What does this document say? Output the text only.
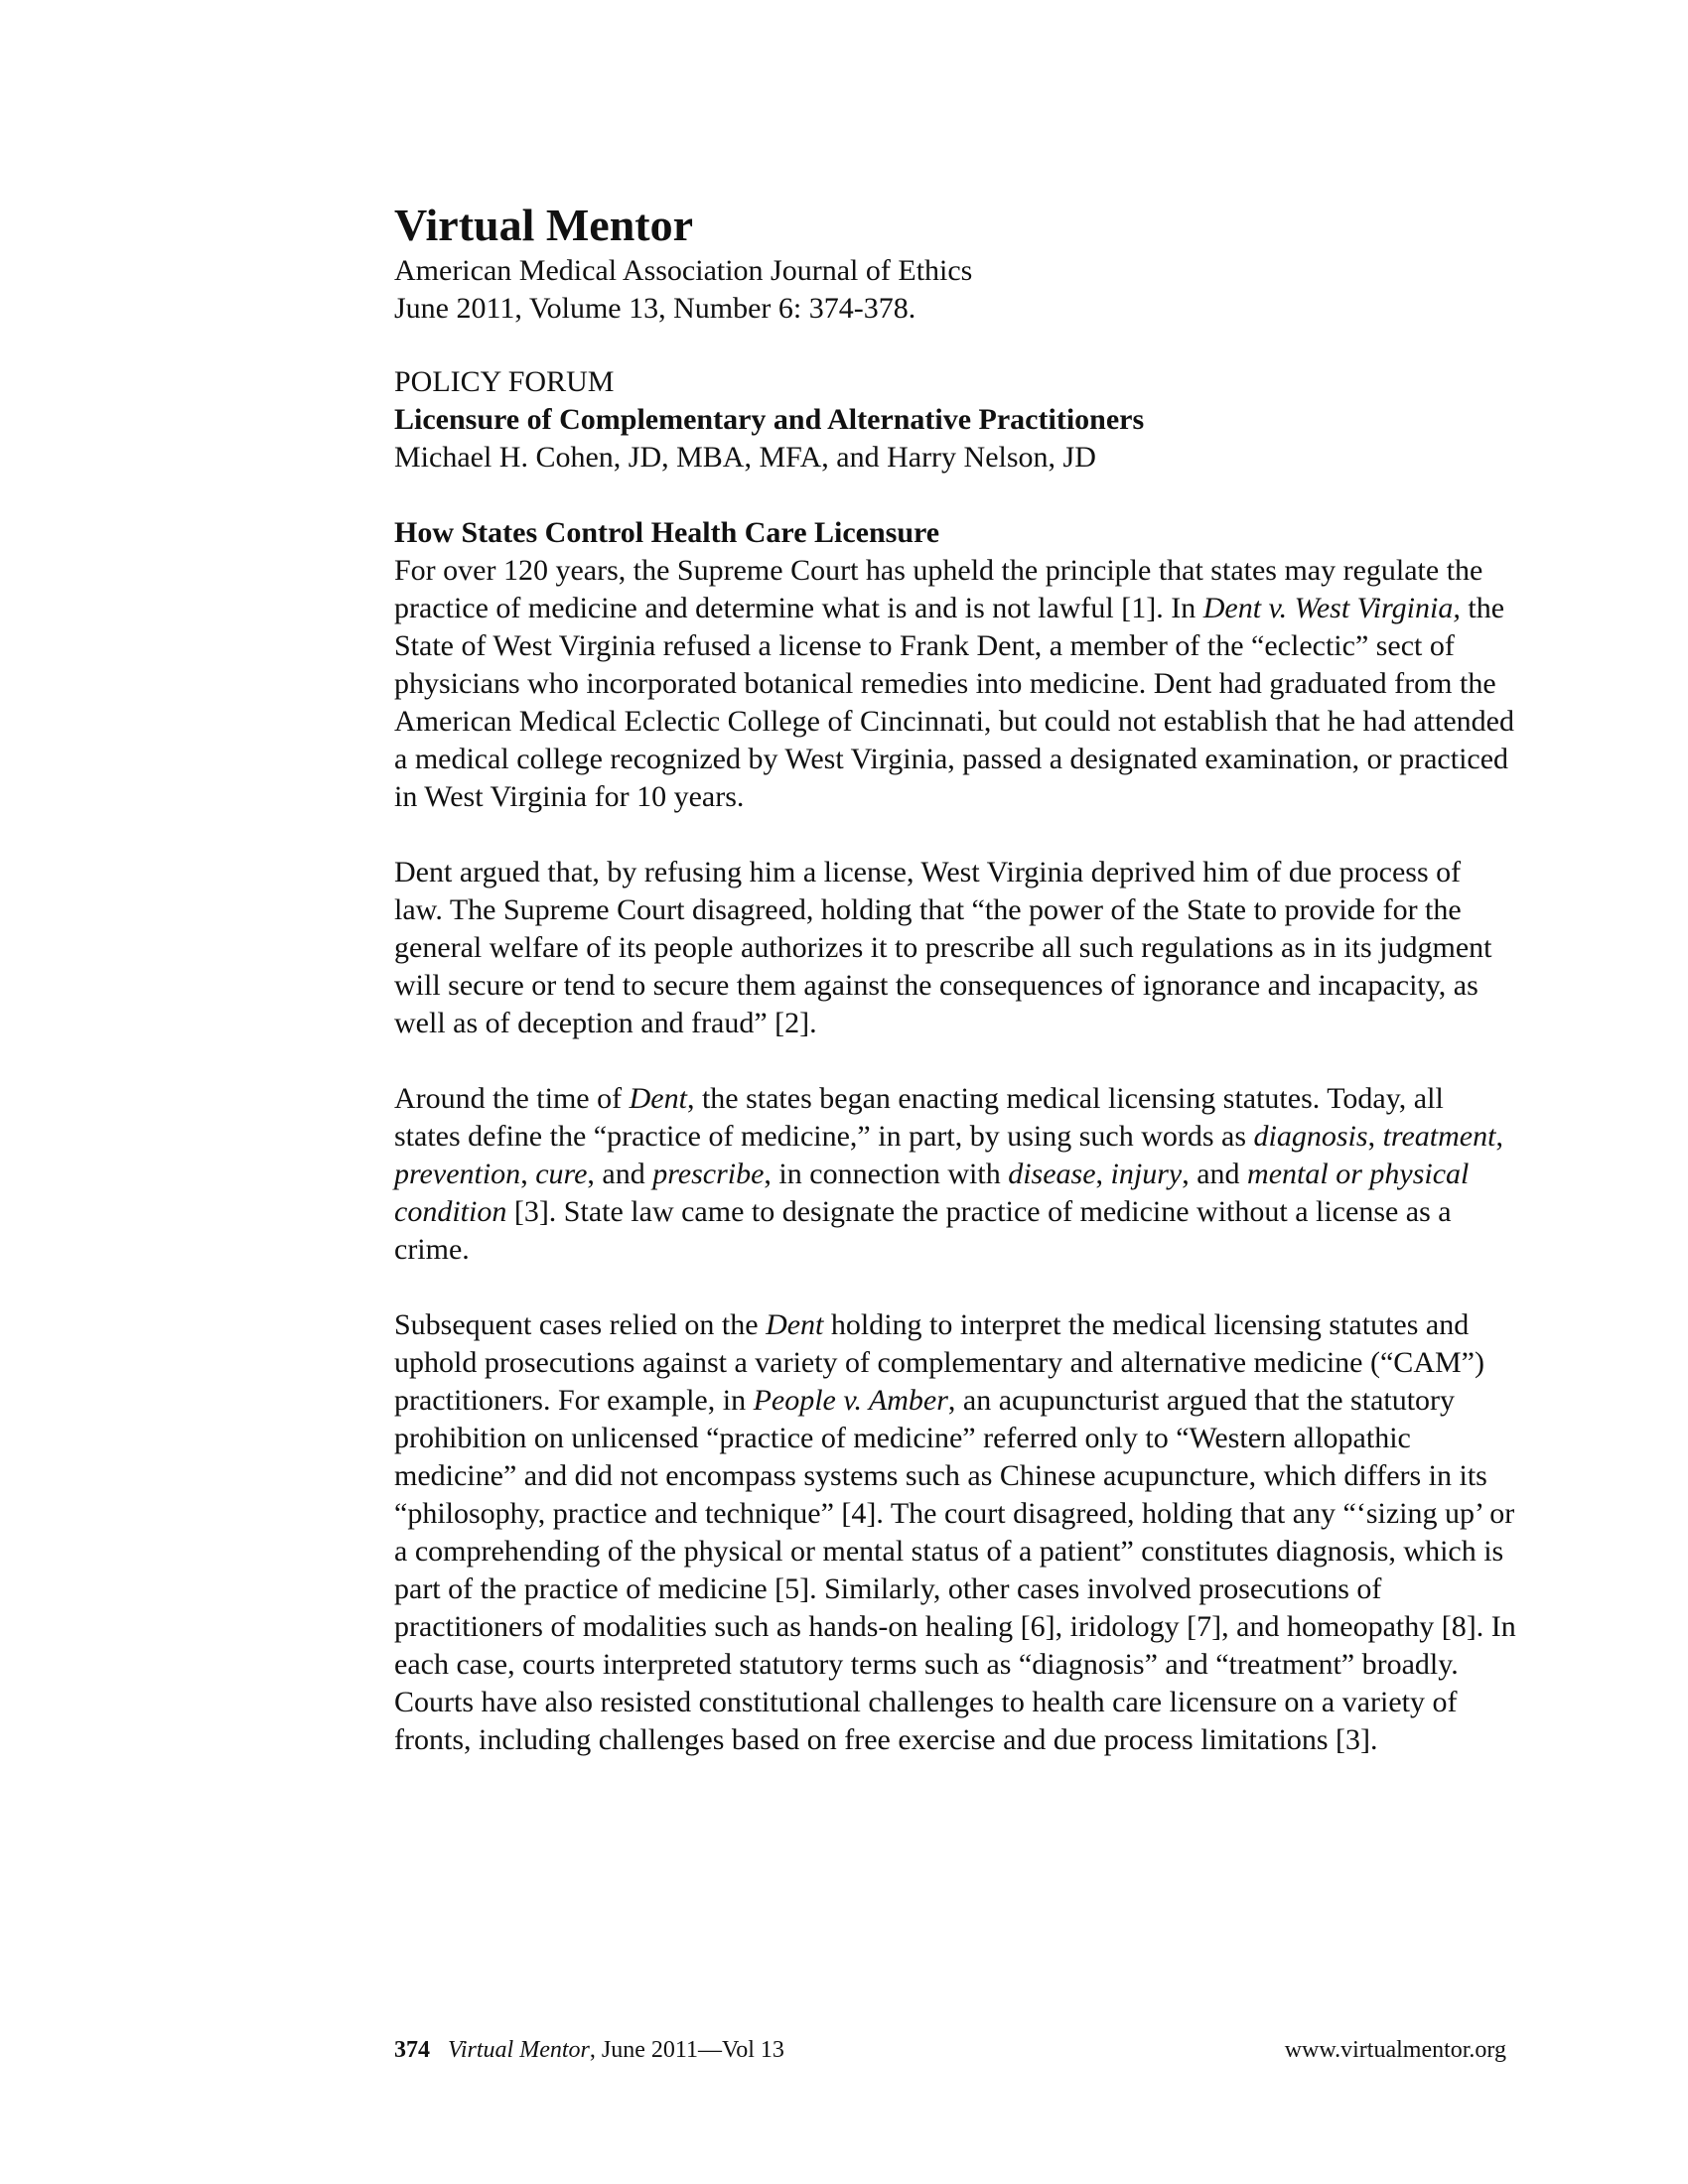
Virtual Mentor

American Medical Association Journal of Ethics

June 2011, Volume 13, Number 6: 374-378.

POLICY FORUM

Licensure of Complementary and Alternative Practitioners

Michael H. Cohen, JD, MBA, MFA, and Harry Nelson, JD

How States Control Health Care Licensure

For over 120 years, the Supreme Court has upheld the principle that states may regulate the practice of medicine and determine what is and is not lawful [1]. In Dent v. West Virginia, the State of West Virginia refused a license to Frank Dent, a member of the “eclectic” sect of physicians who incorporated botanical remedies into medicine. Dent had graduated from the American Medical Eclectic College of Cincinnati, but could not establish that he had attended a medical college recognized by West Virginia, passed a designated examination, or practiced in West Virginia for 10 years.

Dent argued that, by refusing him a license, West Virginia deprived him of due process of law. The Supreme Court disagreed, holding that “the power of the State to provide for the general welfare of its people authorizes it to prescribe all such regulations as in its judgment will secure or tend to secure them against the consequences of ignorance and incapacity, as well as of deception and fraud” [2].

Around the time of Dent, the states began enacting medical licensing statutes. Today, all states define the “practice of medicine,” in part, by using such words as diagnosis, treatment, prevention, cure, and prescribe, in connection with disease, injury, and mental or physical condition [3]. State law came to designate the practice of medicine without a license as a crime.

Subsequent cases relied on the Dent holding to interpret the medical licensing statutes and uphold prosecutions against a variety of complementary and alternative medicine (“CAM”) practitioners. For example, in People v. Amber, an acupuncturist argued that the statutory prohibition on unlicensed “practice of medicine” referred only to “Western allopathic medicine” and did not encompass systems such as Chinese acupuncture, which differs in its “philosophy, practice and technique” [4]. The court disagreed, holding that any “‘sizing up’ or a comprehending of the physical or mental status of a patient” constitutes diagnosis, which is part of the practice of medicine [5]. Similarly, other cases involved prosecutions of practitioners of modalities such as hands-on healing [6], iridology [7], and homeopathy [8]. In each case, courts interpreted statutory terms such as “diagnosis” and “treatment” broadly. Courts have also resisted constitutional challenges to health care licensure on a variety of fronts, including challenges based on free exercise and due process limitations [3].

374 Virtual Mentor, June 2011—Vol 13	www.virtualmentor.org
